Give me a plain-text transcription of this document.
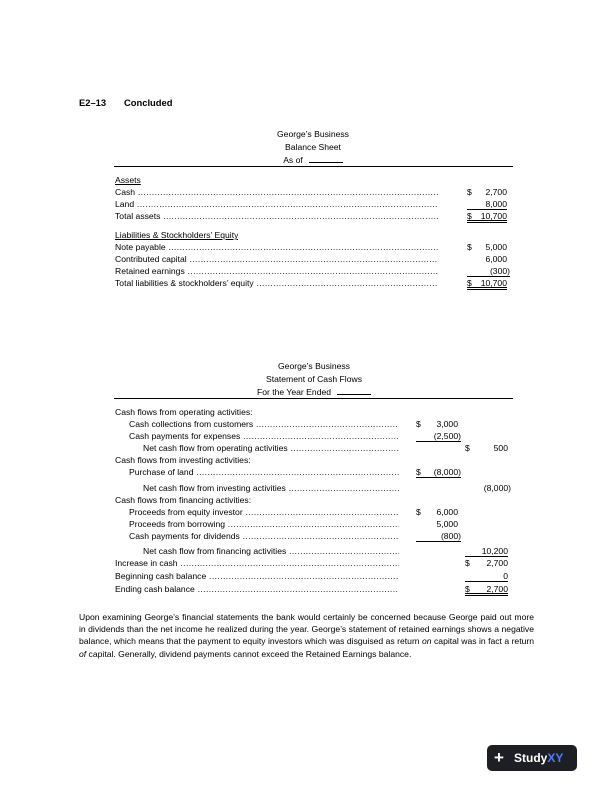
E2–13 Concluded
George’s Business
Balance Sheet
As of
Assets
Cash .....	$ 2,700
Land .....	8,000
Total assets .....	$ 10,700
Liabilities & Stockholders’ Equity
Note payable .....	$ 5,000
Contributed capital .....	6,000
Retained earnings .....	(300)
Total liabilities & stockholders’ equity .....	$ 10,700
George’s Business
Statement of Cash Flows
For the Year Ended
Cash flows from operating activities:
Cash collections from customers .....	$ 3,000
Cash payments for expenses .....	(2,500)
Net cash flow from operating activities .....	$	500
Cash flows from investing activities:
Purchase of land .....	$ (8,000)
Net cash flow from investing activities .....	(8,000)
Cash flows from financing activities:
Proceeds from equity investor .....	$ 6,000
Proceeds from borrowing .....	5,000
Cash payments for dividends .....	(800)
Net cash flow from financing activities .....	10,200
Increase in cash .....	$ 2,700
Beginning cash balance .....	0
Ending cash balance .....	$ 2,700
Upon examining George’s financial statements the bank would certainly be concerned because George paid out more in dividends than the net income he realized during the year. George’s statement of retained earnings shows a negative balance, which means that the payment to equity investors which was disguised as return on capital was in fact a return of capital. Generally, dividend payments cannot exceed the Retained Earnings balance.
+ StudyXY
